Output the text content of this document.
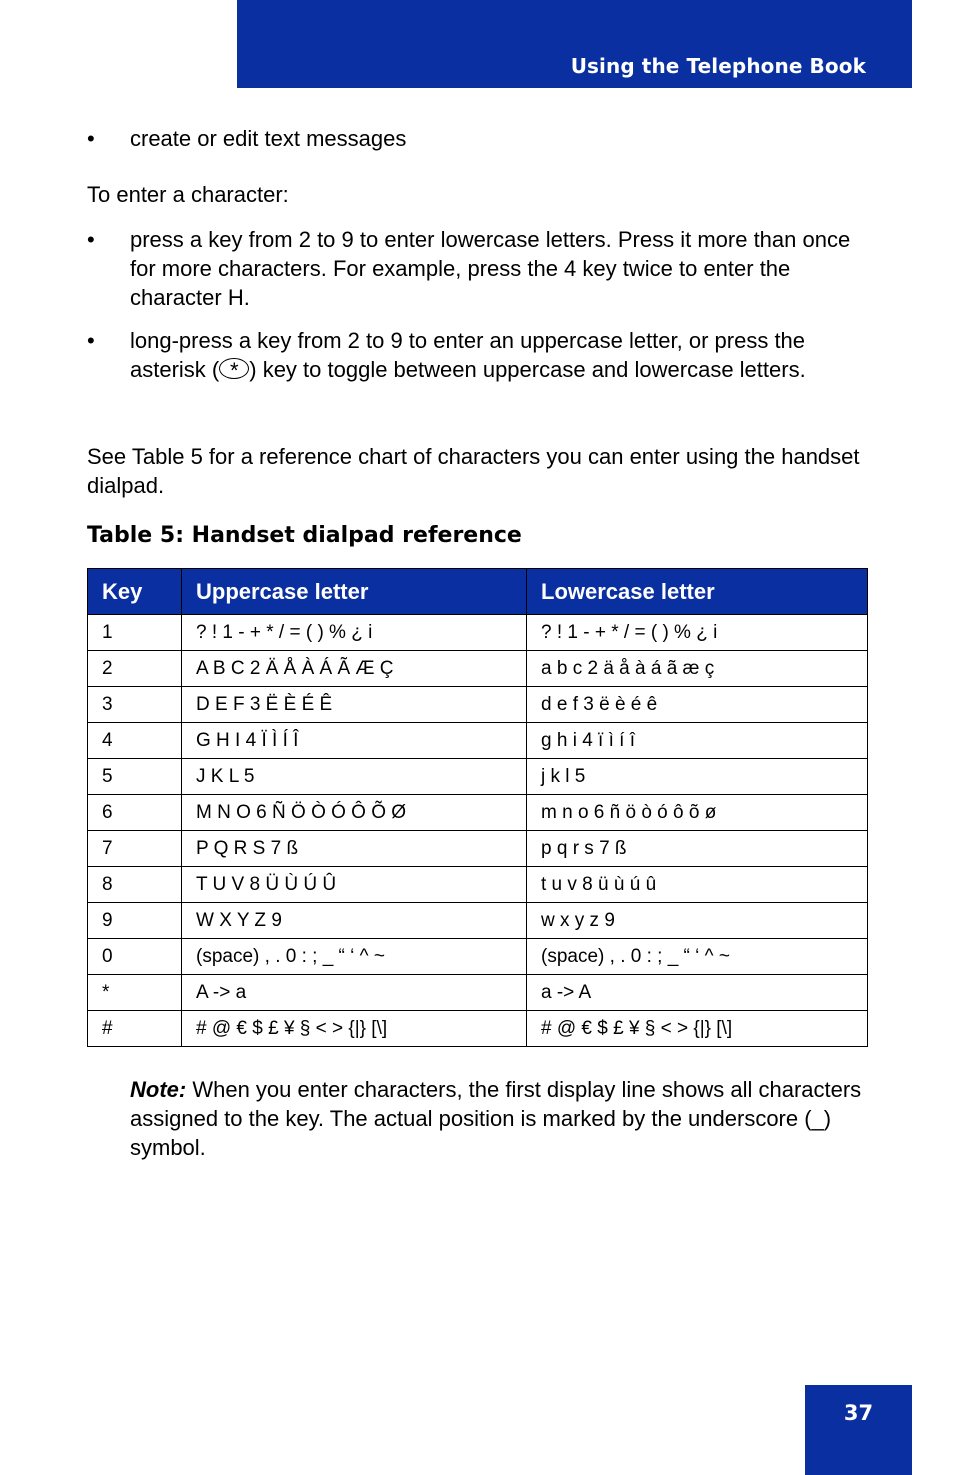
Using the Telephone Book
• create or edit text messages
To enter a character:
• press a key from 2 to 9 to enter lowercase letters. Press it more than once for more characters. For example, press the 4 key twice to enter the character H.
• long-press a key from 2 to 9 to enter an uppercase letter, or press the asterisk ( * ) key to toggle between uppercase and lowercase letters.
See Table 5 for a reference chart of characters you can enter using the handset dialpad.
Table 5: Handset dialpad reference
Key	Uppercase letter	Lowercase letter
1	? ! 1 - + * / = ( ) % ¿ i	? ! 1 - + * / = ( ) % ¿ i
2	A B C 2 Ä Å À Á Ã Æ Ç	a b c 2 ä å à á ã æ ç
3	D E F 3 Ë È É Ê	d e f 3 ë è é ê
4	G H I 4 Ï Ì Í Î	g h i 4 ï ì í î
5	J K L 5	j k l 5
6	M N O 6 Ñ Ö Ò Ó Ô Õ Ø	m n o 6 ñ ö ò ó ô õ ø
7	P Q R S 7 ß	p q r s 7 ß
8	T U V 8 Ü Ù Ú Û	t u v 8 ü ù ú û
9	W X Y Z 9	w x y z 9
0	(space) , . 0 : ; _ “ ‘ ^ ~	(space) , . 0 : ; _ “ ‘ ^ ~
*	A -> a	a -> A
#	# @ € $ £ ¥ § < > {|} [\]	# @ € $ £ ¥ § < > {|} [\]
Note: When you enter characters, the first display line shows all characters assigned to the key. The actual position is marked by the underscore (_) symbol.
37
